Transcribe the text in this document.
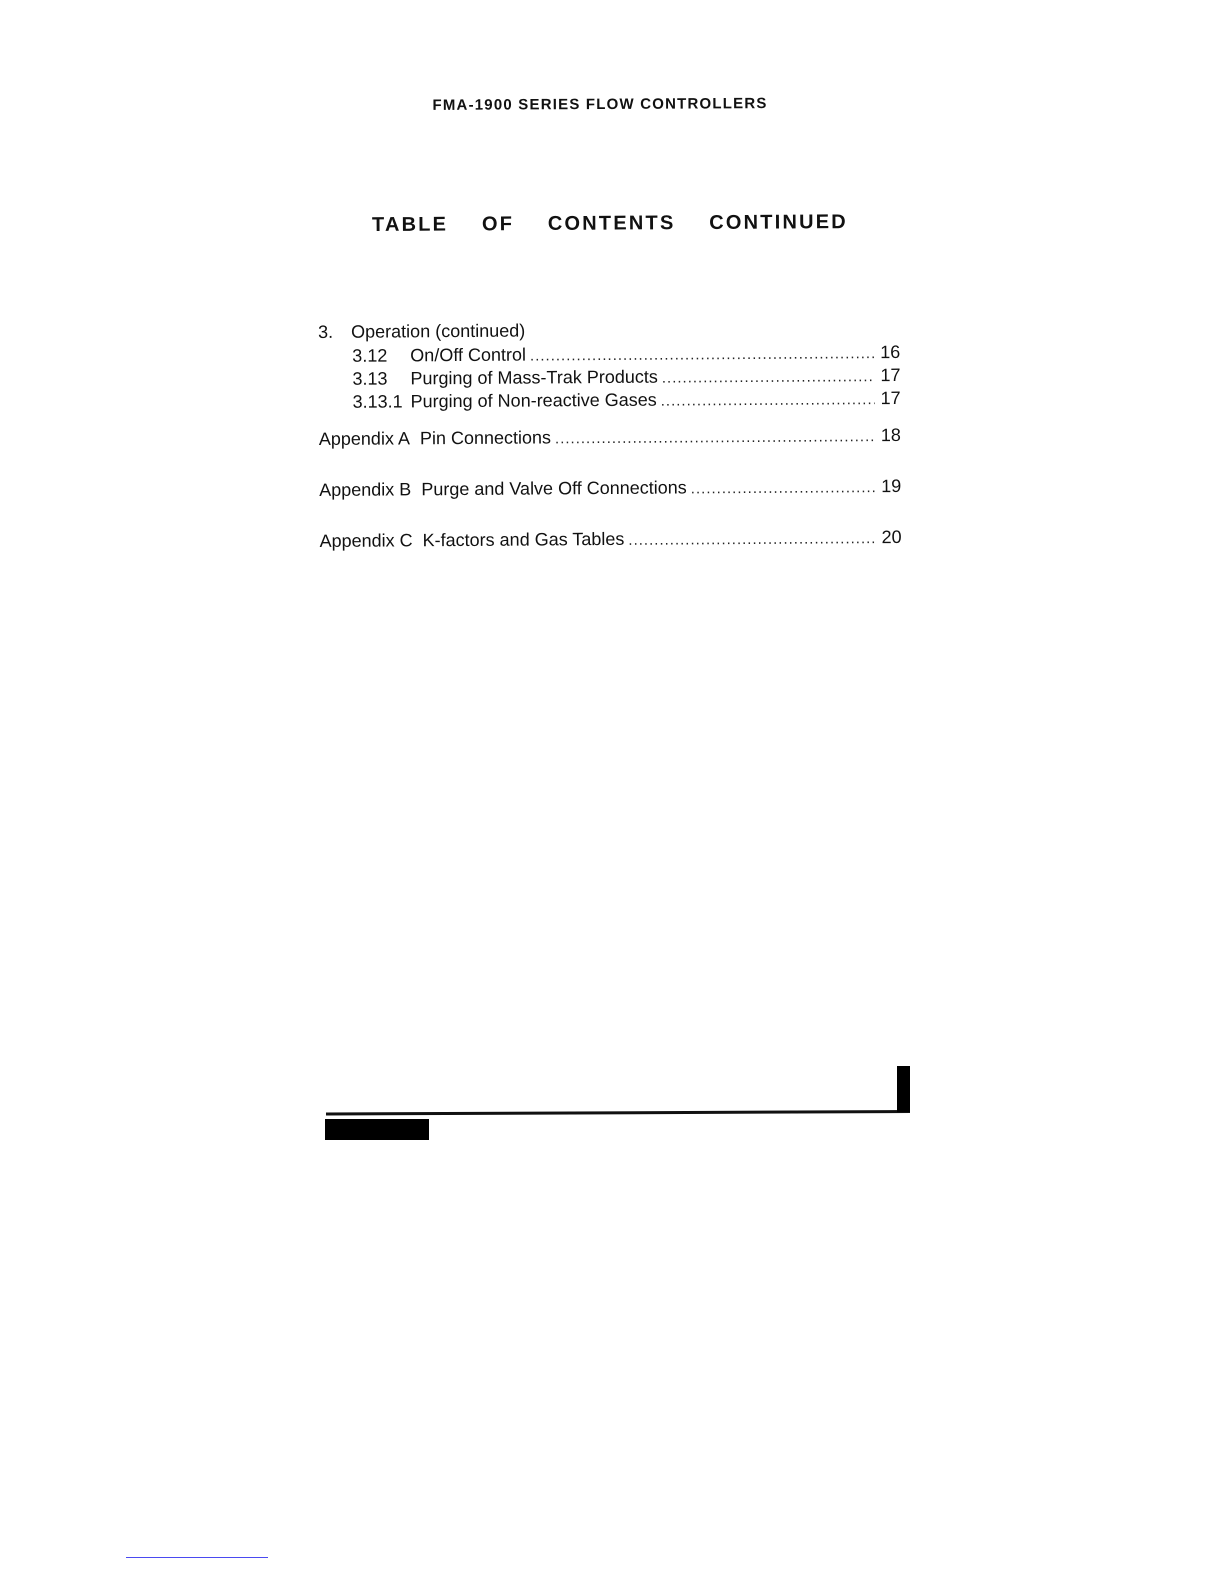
FMA-1900 SERIES FLOW CONTROLLERS
TABLE OF CONTENTS CONTINUED
3. Operation (continued)
3.12	On/Off Control .....	16
3.13	Purging of Mass-Trak Products .....	17
3.13.1 Purging of Non-reactive Gases .....	17
Appendix A Pin Connections .....	18
Appendix B Purge and Valve Off Connections .....	19
Appendix C K-factors and Gas Tables .....	20
